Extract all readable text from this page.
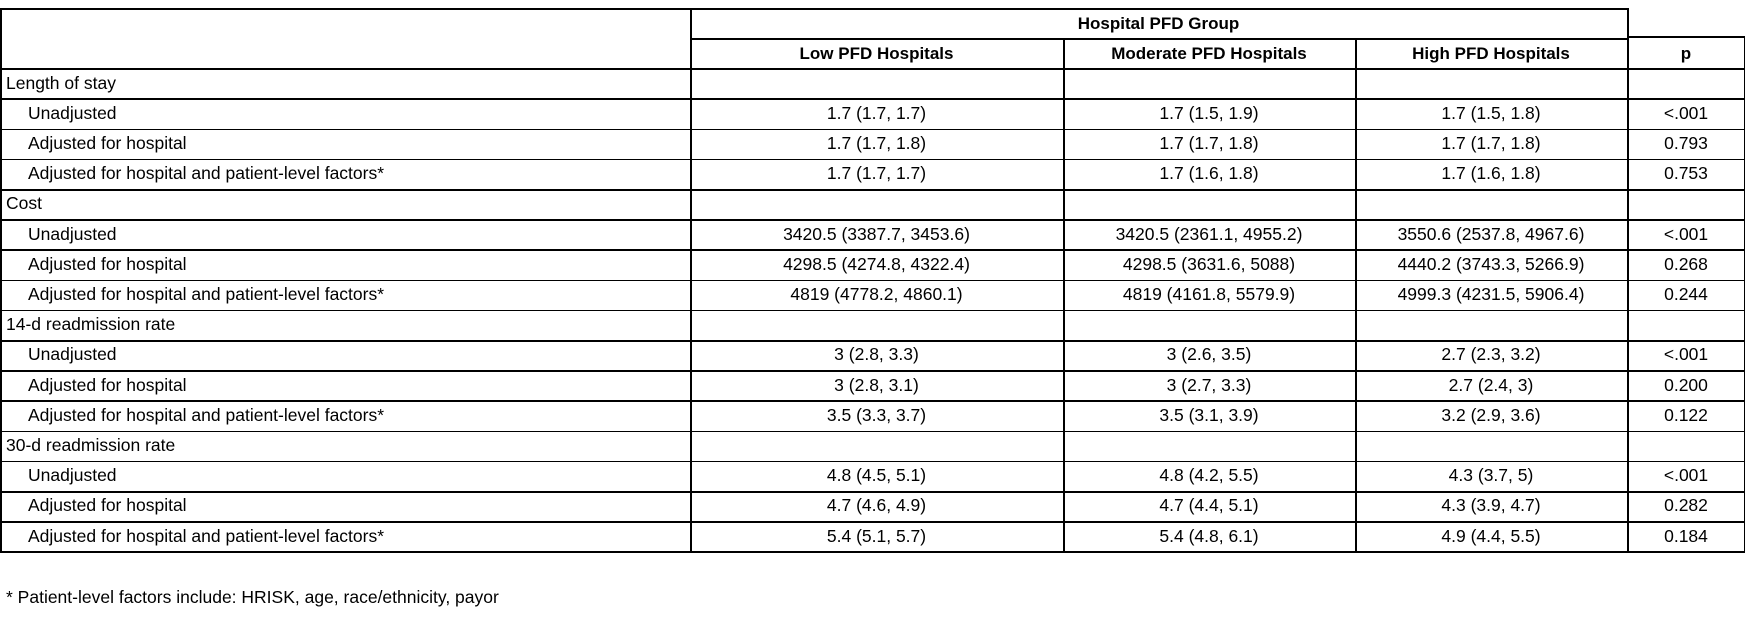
Hospital PFD Group
Low PFD Hospitals	Moderate PFD Hospitals	High PFD Hospitals	p
Length of stay
Unadjusted	1.7 (1.7, 1.7)	1.7 (1.5, 1.9)	1.7 (1.5, 1.8)	<.001
Adjusted for hospital	1.7 (1.7, 1.8)	1.7 (1.7, 1.8)	1.7 (1.7, 1.8)	0.793
Adjusted for hospital and patient-level factors*	1.7 (1.7, 1.7)	1.7 (1.6, 1.8)	1.7 (1.6, 1.8)	0.753
Cost
Unadjusted	3420.5 (3387.7, 3453.6)	3420.5 (2361.1, 4955.2)	3550.6 (2537.8, 4967.6)	<.001
Adjusted for hospital	4298.5 (4274.8, 4322.4)	4298.5 (3631.6, 5088)	4440.2 (3743.3, 5266.9)	0.268
Adjusted for hospital and patient-level factors*	4819 (4778.2, 4860.1)	4819 (4161.8, 5579.9)	4999.3 (4231.5, 5906.4)	0.244
14-d readmission rate
Unadjusted	3 (2.8, 3.3)	3 (2.6, 3.5)	2.7 (2.3, 3.2)	<.001
Adjusted for hospital	3 (2.8, 3.1)	3 (2.7, 3.3)	2.7 (2.4, 3)	0.200
Adjusted for hospital and patient-level factors*	3.5 (3.3, 3.7)	3.5 (3.1, 3.9)	3.2 (2.9, 3.6)	0.122
30-d readmission rate
Unadjusted	4.8 (4.5, 5.1)	4.8 (4.2, 5.5)	4.3 (3.7, 5)	<.001
Adjusted for hospital	4.7 (4.6, 4.9)	4.7 (4.4, 5.1)	4.3 (3.9, 4.7)	0.282
Adjusted for hospital and patient-level factors*	5.4 (5.1, 5.7)	5.4 (4.8, 6.1)	4.9 (4.4, 5.5)	0.184
* Patient-level factors include: HRISK, age, race/ethnicity, payor
